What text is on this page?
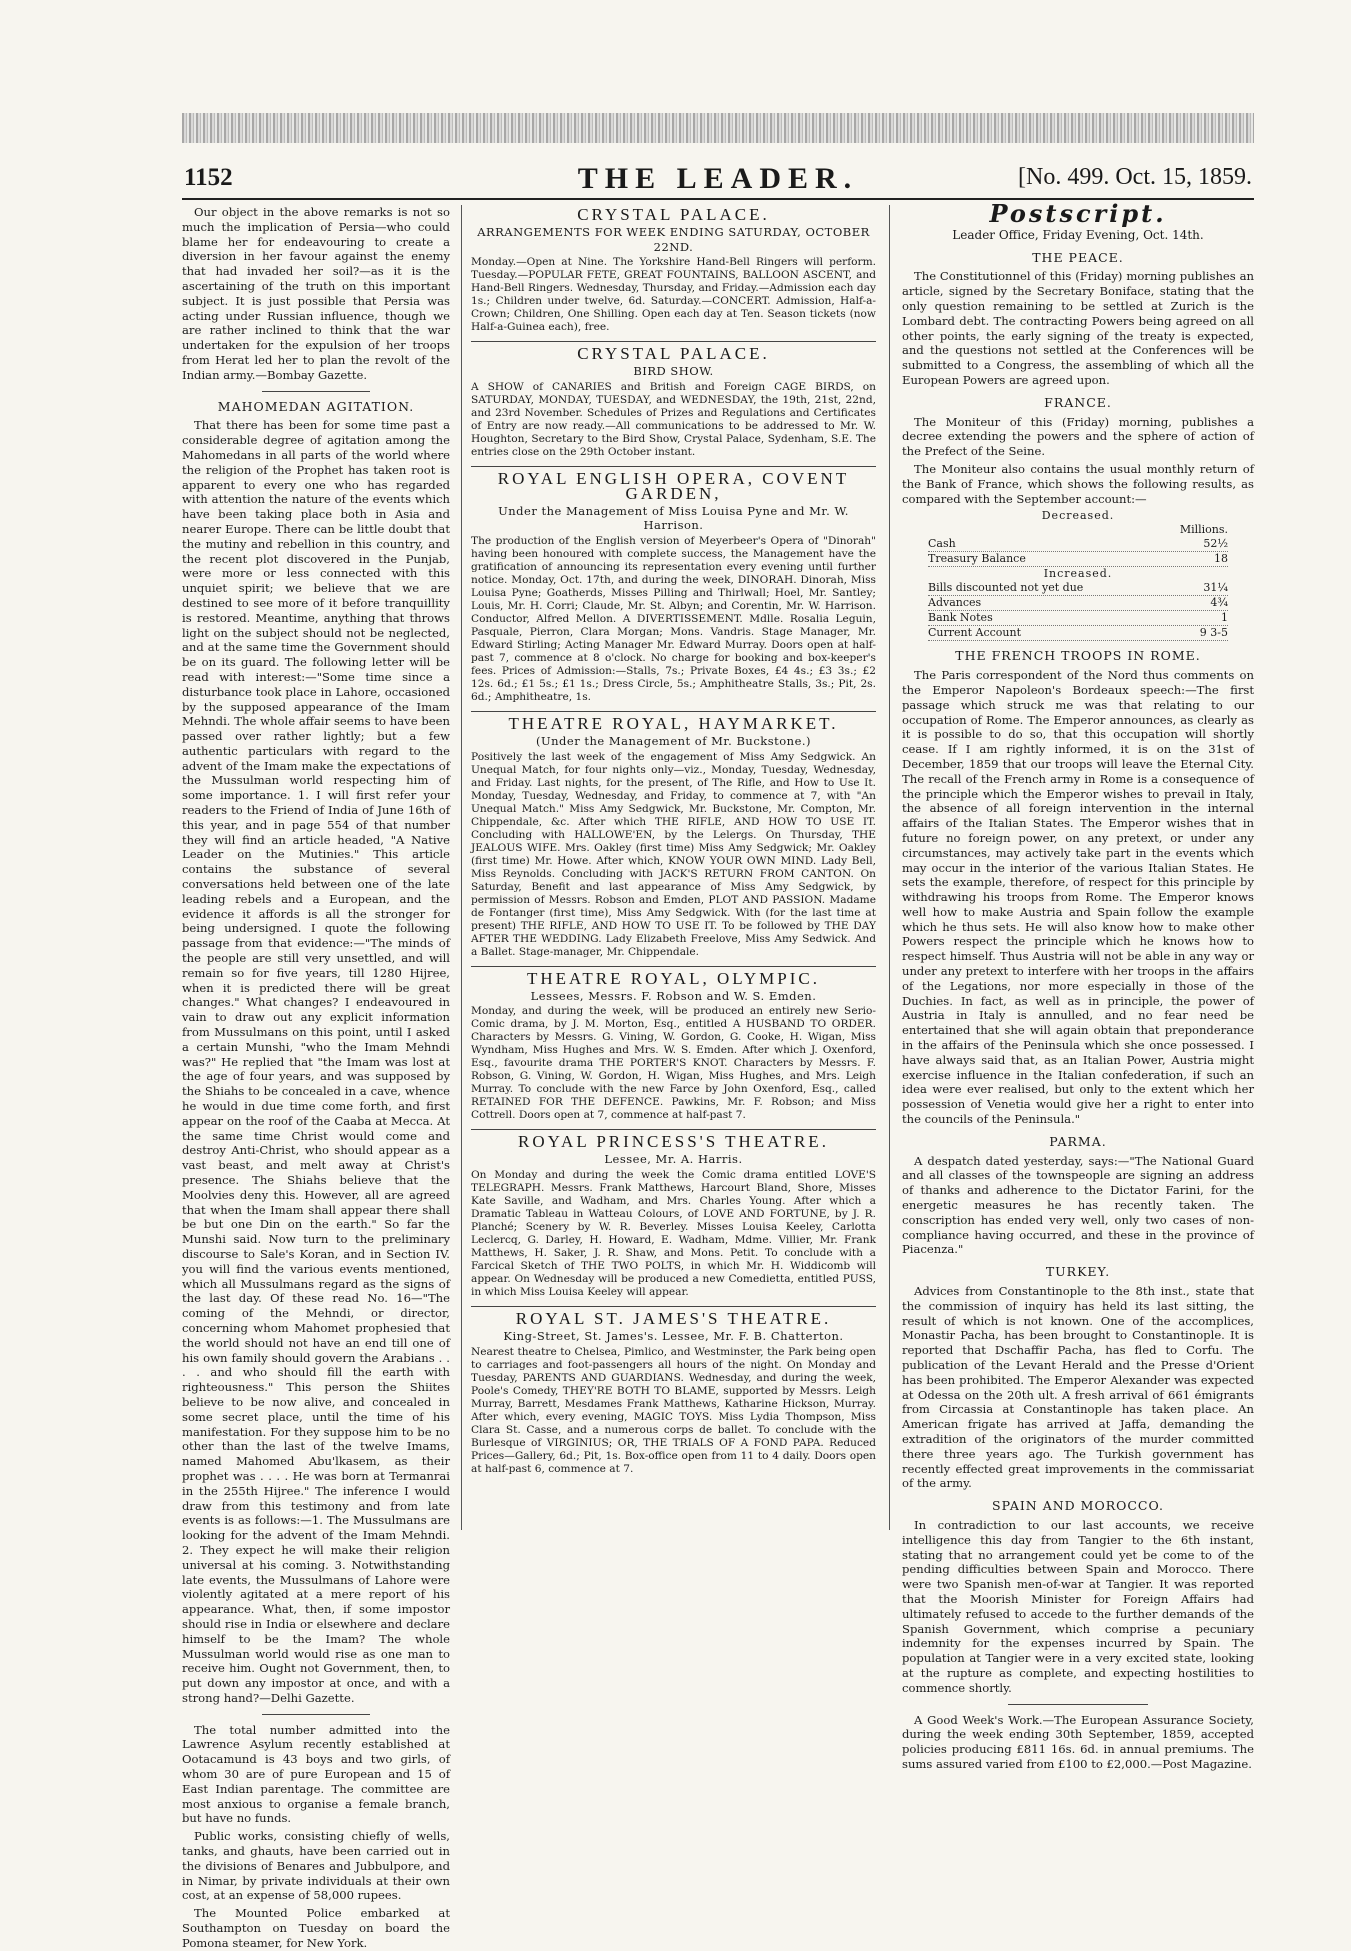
1152	THE LEADER.	[No. 499. Oct. 15, 1859.

Our object in the above remarks is not so much the implication of Persia—who could blame her for endeavouring to create a diversion in her favour against the enemy that had invaded her soil?—as it is the ascertaining of the truth on this important subject. It is just possible that Persia was acting under Russian influence, though we are rather inclined to think that the war undertaken for the expulsion of her troops from Herat led her to plan the revolt of the Indian army.—Bombay Gazette.

MAHOMEDAN AGITATION.

That there has been for some time past a considerable degree of agitation among the Mahomedans in all parts of the world where the religion of the Prophet has taken root is apparent to every one who has regarded with attention the nature of the events which have been taking place both in Asia and nearer Europe. There can be little doubt that the mutiny and rebellion in this country, and the recent plot discovered in the Punjab, were more or less connected with this unquiet spirit; we believe that we are destined to see more of it before tranquillity is restored. Meantime, anything that throws light on the subject should not be neglected, and at the same time the Government should be on its guard. The following letter will be read with interest:—"Some time since a disturbance took place in Lahore, occasioned by the supposed appearance of the Imam Mehndi. The whole affair seems to have been passed over rather lightly; but a few authentic particulars with regard to the advent of the Imam make the expectations of the Mussulman world respecting him of some importance. 1. I will first refer your readers to the Friend of India of June 16th of this year, and in page 554 of that number they will find an article headed, "A Native Leader on the Mutinies." This article contains the substance of several conversations held between one of the late leading rebels and a European, and the evidence it affords is all the stronger for being undersigned. I quote the following passage from that evidence:—"The minds of the people are still very unsettled, and will remain so for five years, till 1280 Hijree, when it is predicted there will be great changes." What changes? I endeavoured in vain to draw out any explicit information from Mussulmans on this point, until I asked a certain Munshi, "who the Imam Mehndi was?" He replied that "the Imam was lost at the age of four years, and was supposed by the Shiahs to be concealed in a cave, whence he would in due time come forth, and first appear on the roof of the Caaba at Mecca. At the same time Christ would come and destroy Anti-Christ, who should appear as a vast beast, and melt away at Christ's presence. The Shiahs believe that the Moolvies deny this. However, all are agreed that when the Imam shall appear there shall be but one Din on the earth." So far the Munshi said. Now turn to the preliminary discourse to Sale's Koran, and in Section IV. you will find the various events mentioned, which all Mussulmans regard as the signs of the last day. Of these read No. 16—"The coming of the Mehndi, or director, concerning whom Mahomet prophesied that the world should not have an end till one of his own family should govern the Arabians . . . . and who should fill the earth with righteousness." This person the Shiites believe to be now alive, and concealed in some secret place, until the time of his manifestation. For they suppose him to be no other than the last of the twelve Imams, named Mahomed Abu'lkasem, as their prophet was . . . . He was born at Termanrai in the 255th Hijree." The inference I would draw from this testimony and from late events is as follows:—1. The Mussulmans are looking for the advent of the Imam Mehndi. 2. They expect he will make their religion universal at his coming. 3. Notwithstanding late events, the Mussulmans of Lahore were violently agitated at a mere report of his appearance. What, then, if some impostor should rise in India or elsewhere and declare himself to be the Imam? The whole Mussulman world would rise as one man to receive him. Ought not Government, then, to put down any impostor at once, and with a strong hand?—Delhi Gazette.

The total number admitted into the Lawrence Asylum recently established at Ootacamund is 43 boys and two girls, of whom 30 are of pure European and 15 of East Indian parentage. The committee are most anxious to organise a female branch, but have no funds.

Public works, consisting chiefly of wells, tanks, and ghauts, have been carried out in the divisions of Benares and Jubbulpore, and in Nimar, by private individuals at their own cost, at an expense of 58,000 rupees.

The Mounted Police embarked at Southampton on Tuesday on board the Pomona steamer, for New York.

CRYSTAL PALACE.
ARRANGEMENTS FOR WEEK ENDING SATURDAY, OCTOBER 22ND.

Monday.—Open at Nine. The Yorkshire Hand-Bell Ringers will perform. Tuesday.—POPULAR FETE, GREAT FOUNTAINS, BALLOON ASCENT, and Hand-Bell Ringers. Wednesday, Thursday, and Friday.—Admission each day 1s.; Children under twelve, 6d. Saturday.—CONCERT. Admission, Half-a-Crown; Children, One Shilling. Open each day at Ten. Season tickets (now Half-a-Guinea each), free.

CRYSTAL PALACE.
BIRD SHOW.

A SHOW of CANARIES and British and Foreign CAGE BIRDS, on SATURDAY, MONDAY, TUESDAY, and WEDNESDAY, the 19th, 21st, 22nd, and 23rd November. Schedules of Prizes and Regulations and Certificates of Entry are now ready.—All communications to be addressed to Mr. W. Houghton, Secretary to the Bird Show, Crystal Palace, Sydenham, S.E. The entries close on the 29th October instant.

ROYAL ENGLISH OPERA, COVENT GARDEN,
Under the Management of Miss Louisa Pyne and Mr. W. Harrison.

The production of the English version of Meyerbeer's Opera of "Dinorah" having been honoured with complete success, the Management have the gratification of announcing its representation every evening until further notice. Monday, Oct. 17th, and during the week, DINORAH. Dinorah, Miss Louisa Pyne; Goatherds, Misses Pilling and Thirlwall; Hoel, Mr. Santley; Louis, Mr. H. Corri; Claude, Mr. St. Albyn; and Corentin, Mr. W. Harrison. Conductor, Alfred Mellon. A DIVERTISSEMENT. Mdlle. Rosalia Leguin, Pasquale, Pierron, Clara Morgan; Mons. Vandris. Stage Manager, Mr. Edward Stirling; Acting Manager Mr. Edward Murray. Doors open at half-past 7, commence at 8 o'clock. No charge for booking and box-keeper's fees. Prices of Admission:—Stalls, 7s.; Private Boxes, £4 4s.; £3 3s.; £2 12s. 6d.; £1 5s.; £1 1s.; Dress Circle, 5s.; Amphitheatre Stalls, 3s.; Pit, 2s. 6d.; Amphitheatre, 1s.

THEATRE ROYAL, HAYMARKET.
(Under the Management of Mr. Buckstone.)

Positively the last week of the engagement of Miss Amy Sedgwick. An Unequal Match, for four nights only—viz., Monday, Tuesday, Wednesday, and Friday. Last nights, for the present, of The Rifle, and How to Use It. Monday, Tuesday, Wednesday, and Friday, to commence at 7, with "An Unequal Match." Miss Amy Sedgwick, Mr. Buckstone, Mr. Compton, Mr. Chippendale, &c. After which THE RIFLE, AND HOW TO USE IT. Concluding with HALLOWE'EN, by the Lelergs. On Thursday, THE JEALOUS WIFE. Mrs. Oakley (first time) Miss Amy Sedgwick; Mr. Oakley (first time) Mr. Howe. After which, KNOW YOUR OWN MIND. Lady Bell, Miss Reynolds. Concluding with JACK'S RETURN FROM CANTON. On Saturday, Benefit and last appearance of Miss Amy Sedgwick, by permission of Messrs. Robson and Emden, PLOT AND PASSION. Madame de Fontanger (first time), Miss Amy Sedgwick. With (for the last time at present) THE RIFLE, AND HOW TO USE IT. To be followed by THE DAY AFTER THE WEDDING. Lady Elizabeth Freelove, Miss Amy Sedwick. And a Ballet. Stage-manager, Mr. Chippendale.

THEATRE ROYAL, OLYMPIC.
Lessees, Messrs. F. Robson and W. S. Emden.

Monday, and during the week, will be produced an entirely new Serio-Comic drama, by J. M. Morton, Esq., entitled A HUSBAND TO ORDER. Characters by Messrs. G. Vining, W. Gordon, G. Cooke, H. Wigan, Miss Wyndham, Miss Hughes and Mrs. W. S. Emden. After which J. Oxenford, Esq., favourite drama THE PORTER'S KNOT. Characters by Messrs. F. Robson, G. Vining, W. Gordon, H. Wigan, Miss Hughes, and Mrs. Leigh Murray. To conclude with the new Farce by John Oxenford, Esq., called RETAINED FOR THE DEFENCE. Pawkins, Mr. F. Robson; and Miss Cottrell. Doors open at 7, commence at half-past 7.

ROYAL PRINCESS'S THEATRE.
Lessee, Mr. A. Harris.

On Monday and during the week the Comic drama entitled LOVE'S TELEGRAPH. Messrs. Frank Matthews, Harcourt Bland, Shore, Misses Kate Saville, and Wadham, and Mrs. Charles Young. After which a Dramatic Tableau in Watteau Colours, of LOVE AND FORTUNE, by J. R. Planché; Scenery by W. R. Beverley. Misses Louisa Keeley, Carlotta Leclercq, G. Darley, H. Howard, E. Wadham, Mdme. Villier, Mr. Frank Matthews, H. Saker, J. R. Shaw, and Mons. Petit. To conclude with a Farcical Sketch of THE TWO POLTS, in which Mr. H. Widdicomb will appear. On Wednesday will be produced a new Comedietta, entitled PUSS, in which Miss Louisa Keeley will appear.

ROYAL ST. JAMES'S THEATRE.
King-Street, St. James's. Lessee, Mr. F. B. Chatterton.

Nearest theatre to Chelsea, Pimlico, and Westminster, the Park being open to carriages and foot-passengers all hours of the night. On Monday and Tuesday, PARENTS AND GUARDIANS. Wednesday, and during the week, Poole's Comedy, THEY'RE BOTH TO BLAME, supported by Messrs. Leigh Murray, Barrett, Mesdames Frank Matthews, Katharine Hickson, Murray. After which, every evening, MAGIC TOYS. Miss Lydia Thompson, Miss Clara St. Casse, and a numerous corps de ballet. To conclude with the Burlesque of VIRGINIUS; OR, THE TRIALS OF A FOND PAPA. Reduced Prices—Gallery, 6d.; Pit, 1s. Box-office open from 11 to 4 daily. Doors open at half-past 6, commence at 7.

Postscript.
Leader Office, Friday Evening, Oct. 14th.
THE PEACE.

The Constitutionnel of this (Friday) morning publishes an article, signed by the Secretary Boniface, stating that the only question remaining to be settled at Zurich is the Lombard debt. The contracting Powers being agreed on all other points, the early signing of the treaty is expected, and the questions not settled at the Conferences will be submitted to a Congress, the assembling of which all the European Powers are agreed upon.

FRANCE.

The Moniteur of this (Friday) morning, publishes a decree extending the powers and the sphere of action of the Prefect of the Seine.

The Moniteur also contains the usual monthly return of the Bank of France, which shows the following results, as compared with the September account:—

Decreased.
Millions.
Cash	52½
Treasury Balance	18
Increased.
Bills discounted not yet due	31¼
Advances	4¾
Bank Notes	1
Current Account	9 3-5
THE FRENCH TROOPS IN ROME.

The Paris correspondent of the Nord thus comments on the Emperor Napoleon's Bordeaux speech:—The first passage which struck me was that relating to our occupation of Rome. The Emperor announces, as clearly as it is possible to do so, that this occupation will shortly cease. If I am rightly informed, it is on the 31st of December, 1859 that our troops will leave the Eternal City. The recall of the French army in Rome is a consequence of the principle which the Emperor wishes to prevail in Italy, the absence of all foreign intervention in the internal affairs of the Italian States. The Emperor wishes that in future no foreign power, on any pretext, or under any circumstances, may actively take part in the events which may occur in the interior of the various Italian States. He sets the example, therefore, of respect for this principle by withdrawing his troops from Rome. The Emperor knows well how to make Austria and Spain follow the example which he thus sets. He will also know how to make other Powers respect the principle which he knows how to respect himself. Thus Austria will not be able in any way or under any pretext to interfere with her troops in the affairs of the Legations, nor more especially in those of the Duchies. In fact, as well as in principle, the power of Austria in Italy is annulled, and no fear need be entertained that she will again obtain that preponderance in the affairs of the Peninsula which she once possessed. I have always said that, as an Italian Power, Austria might exercise influence in the Italian confederation, if such an idea were ever realised, but only to the extent which her possession of Venetia would give her a right to enter into the councils of the Peninsula."

PARMA.

A despatch dated yesterday, says:—"The National Guard and all classes of the townspeople are signing an address of thanks and adherence to the Dictator Farini, for the energetic measures he has recently taken. The conscription has ended very well, only two cases of non-compliance having occurred, and these in the province of Piacenza."

TURKEY.

Advices from Constantinople to the 8th inst., state that the commission of inquiry has held its last sitting, the result of which is not known. One of the accomplices, Monastir Pacha, has been brought to Constantinople. It is reported that Dschaffir Pacha, has fled to Corfu. The publication of the Levant Herald and the Presse d'Orient has been prohibited. The Emperor Alexander was expected at Odessa on the 20th ult. A fresh arrival of 661 émigrants from Circassia at Constantinople has taken place. An American frigate has arrived at Jaffa, demanding the extradition of the originators of the murder committed there three years ago. The Turkish government has recently effected great improvements in the commissariat of the army.

SPAIN AND MOROCCO.

In contradiction to our last accounts, we receive intelligence this day from Tangier to the 6th instant, stating that no arrangement could yet be come to of the pending difficulties between Spain and Morocco. There were two Spanish men-of-war at Tangier. It was reported that the Moorish Minister for Foreign Affairs had ultimately refused to accede to the further demands of the Spanish Government, which comprise a pecuniary indemnity for the expenses incurred by Spain. The population at Tangier were in a very excited state, looking at the rupture as complete, and expecting hostilities to commence shortly.

A Good Week's Work.—The European Assurance Society, during the week ending 30th September, 1859, accepted policies producing £811 16s. 6d. in annual premiums. The sums assured varied from £100 to £2,000.—Post Magazine.
